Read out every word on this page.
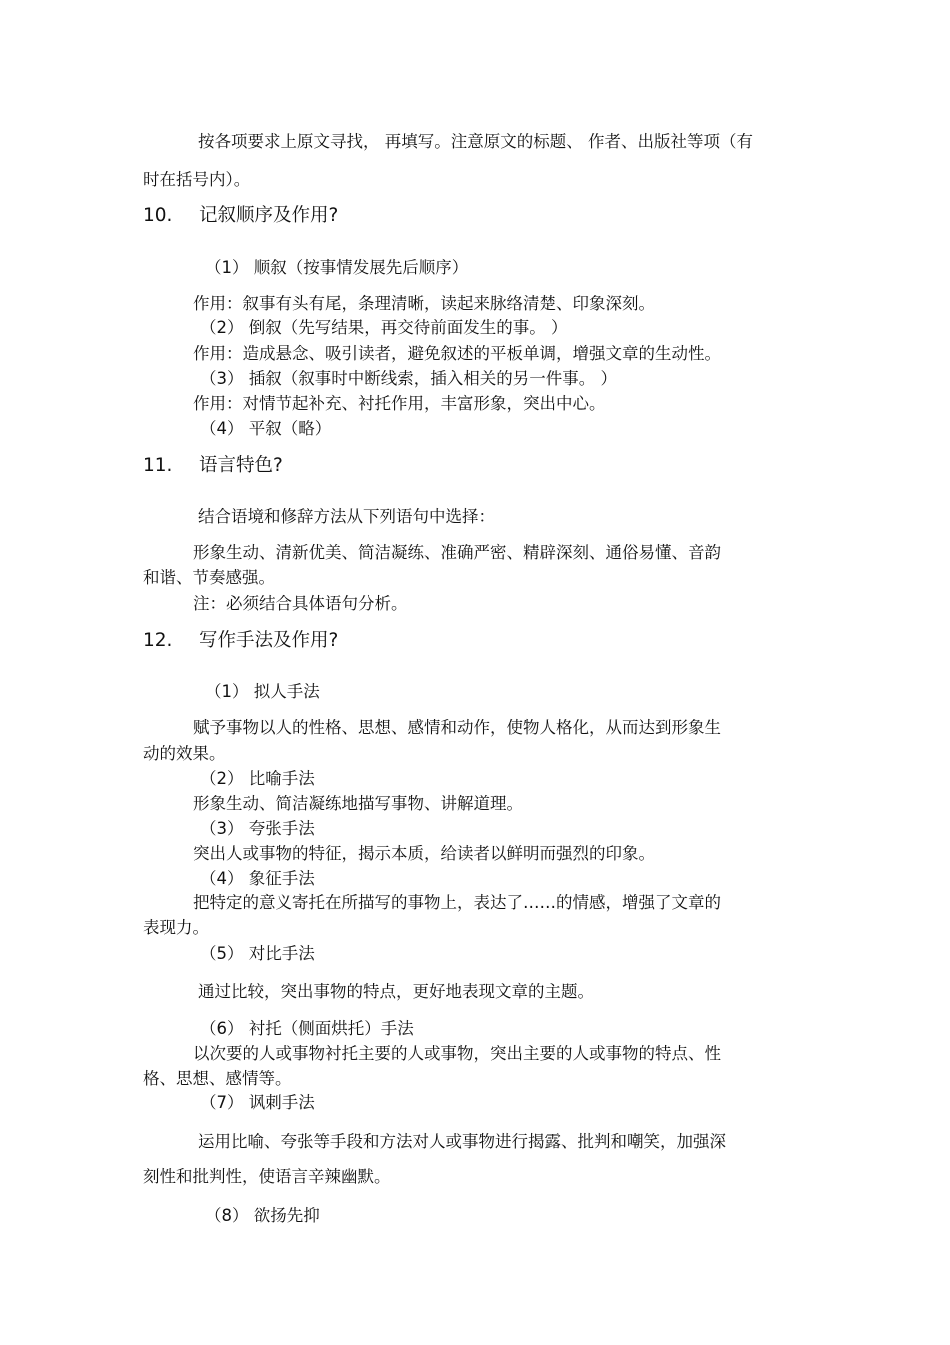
按各项要求上原文寻找， 再填写。注意原文的标题、 作者、出版社等项（有
时在括号内）。
10. 记叙顺序及作用?
（1） 顺叙（按事情发展先后顺序）
作用：叙事有头有尾，条理清晰，读起来脉络清楚、印象深刻。
（2） 倒叙（先写结果，再交待前面发生的事。 ）
作用：造成悬念、吸引读者，避免叙述的平板单调，增强文章的生动性。
（3） 插叙（叙事时中断线索，插入相关的另一件事。 ）
作用：对情节起补充、衬托作用，丰富形象，突出中心。
（4） 平叙（略）
11. 语言特色?
结合语境和修辞方法从下列语句中选择：
形象生动、清新优美、简洁凝练、准确严密、精辟深刻、通俗易懂、音韵
和谐、节奏感强。
注：必须结合具体语句分析。
12. 写作手法及作用?
（1） 拟人手法
赋予事物以人的性格、思想、感情和动作，使物人格化，从而达到形象生
动的效果。
（2） 比喻手法
形象生动、简洁凝练地描写事物、讲解道理。
（3） 夸张手法
突出人或事物的特征，揭示本质，给读者以鲜明而强烈的印象。
（4） 象征手法
把特定的意义寄托在所描写的事物上，表达了……的情感，增强了文章的
表现力。
（5） 对比手法
通过比较，突出事物的特点，更好地表现文章的主题。
（6） 衬托（侧面烘托）手法
以次要的人或事物衬托主要的人或事物，突出主要的人或事物的特点、性
格、思想、感情等。
（7） 讽刺手法
运用比喻、夸张等手段和方法对人或事物进行揭露、批判和嘲笑，加强深
刻性和批判性，使语言辛辣幽默。
（8） 欲扬先抑
